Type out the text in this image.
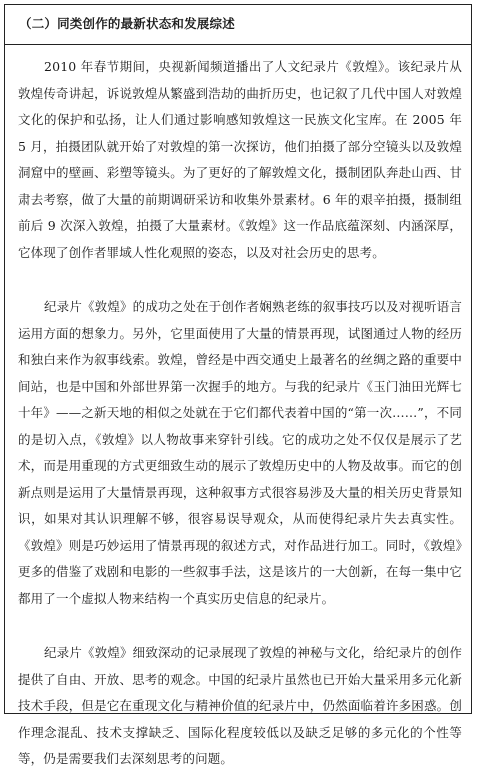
（二）同类创作的最新状态和发展综述

2010 年春节期间，央视新闻频道播出了人文纪录片《敦煌》。该纪录片从敦煌传奇讲起，诉说敦煌从繁盛到浩劫的曲折历史，也记叙了几代中国人对敦煌文化的保护和弘扬，让人们通过影响感知敦煌这一民族文化宝库。在 2005 年 5 月，拍摄团队就开始了对敦煌的第一次探访，他们拍摄了部分空镜头以及敦煌洞窟中的壁画、彩塑等镜头。为了更好的了解敦煌文化，摄制团队奔赴山西、甘肃去考察，做了大量的前期调研采访和收集外景素材。6 年的艰辛拍摄，摄制组前后 9 次深入敦煌，拍摄了大量素材。《敦煌》这一作品底蕴深刻、内涵深厚，它体现了创作者罪域人性化观照的姿态，以及对社会历史的思考。

纪录片《敦煌》的成功之处在于创作者娴熟老练的叙事技巧以及对视听语言运用方面的想象力。另外，它里面使用了大量的情景再现，试图通过人物的经历和独白来作为叙事线索。敦煌，曾经是中西交通史上最著名的丝绸之路的重要中间站，也是中国和外部世界第一次握手的地方。与我的纪录片《玉门油田光辉七十年》——之新天地的相似之处就在于它们都代表着中国的“第一次……”，不同的是切入点，《敦煌》以人物故事来穿针引线。它的成功之处不仅仅是展示了艺术，而是用重现的方式更细致生动的展示了敦煌历史中的人物及故事。而它的创新点则是运用了大量情景再现，这种叙事方式很容易涉及大量的相关历史背景知识，如果对其认识理解不够，很容易误导观众，从而使得纪录片失去真实性。《敦煌》则是巧妙运用了情景再现的叙述方式，对作品进行加工。同时，《敦煌》更多的借鉴了戏剧和电影的一些叙事手法，这是该片的一大创新，在每一集中它都用了一个虚拟人物来结构一个真实历史信息的纪录片。

纪录片《敦煌》细致深动的记录展现了敦煌的神秘与文化，给纪录片的创作提供了自由、开放、思考的观念。中国的纪录片虽然也已开始大量采用多元化新技术手段，但是它在重现文化与精神价值的纪录片中，仍然面临着许多困惑。创作理念混乱、技术支撑缺乏、国际化程度较低以及缺乏足够的多元化的个性等等，仍是需要我们去深刻思考的问题。
